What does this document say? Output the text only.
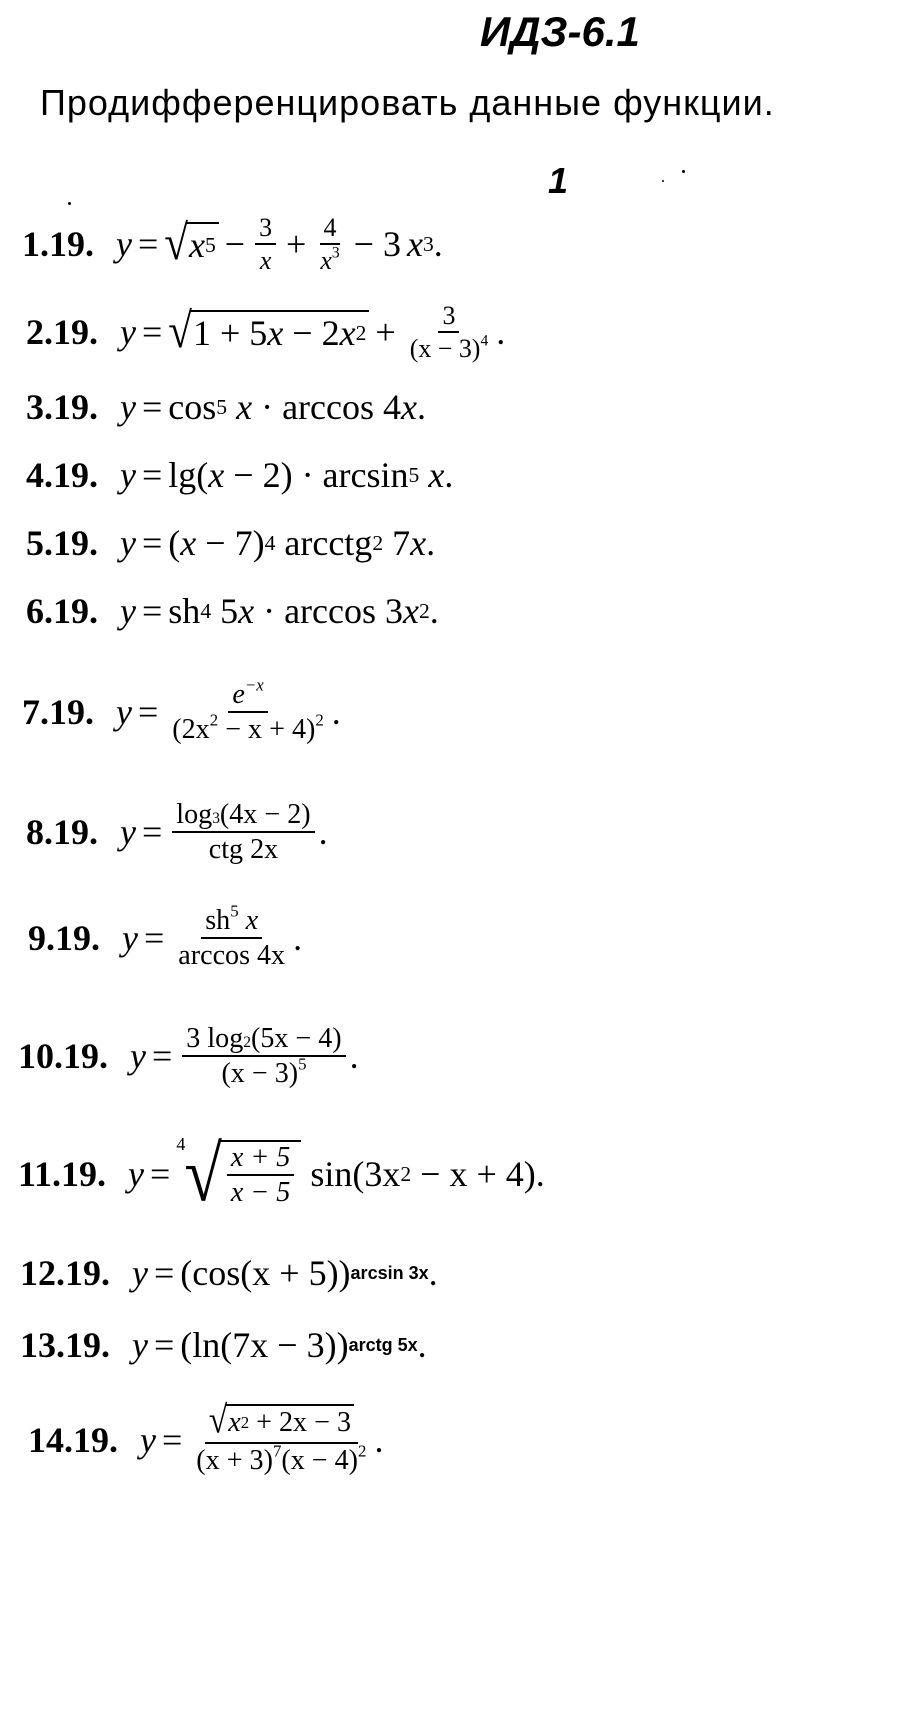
ИДЗ-6.1
Продифференцировать данные функции.
1
1.19. y = √ x $5 - \frac{3}{x} + \frac{4}{x^3} - 3$ x 3 .
2.19. y = √ 1 + 5 x
− 2 x $2 + \frac{3}{(x - 3)^4}$ .
3.19. y = cos 5
x
· arccos 4 x .
4.19. y = lg( x
− 2) · arcsin 5
x .
5.19. y = ( x
− 7) 4
arcctg 2
7 x .
6.19. y = sh 4
5 x
· arccos 3 x 2 .
7.19. $y = \frac{e^{-x}}{(2x^2 - x + 4)^2}$ .
8.19. $y = \frac{\log 3(4x - 2)}{\text{ctg 2x}}$ .
9.19. $y = \frac{sh^5 x}{\arccos 4x}$ .
10.19. $y = \frac{3 \log 2(5x - 4)}{(x - 3)^5}$ .
11.19. y =
4 √ $\frac{x + 5}{x - 5}$
sin(3x 2
− x + 4).
12.19. y = (cos(x + 5)) arcsin 3x .
13.19. y = (ln(7x − 3)) arctg 5x .
14.19. y = √ x 2
+ 2x − 3
$(x + 3)^7(x - 4)^2$ .
